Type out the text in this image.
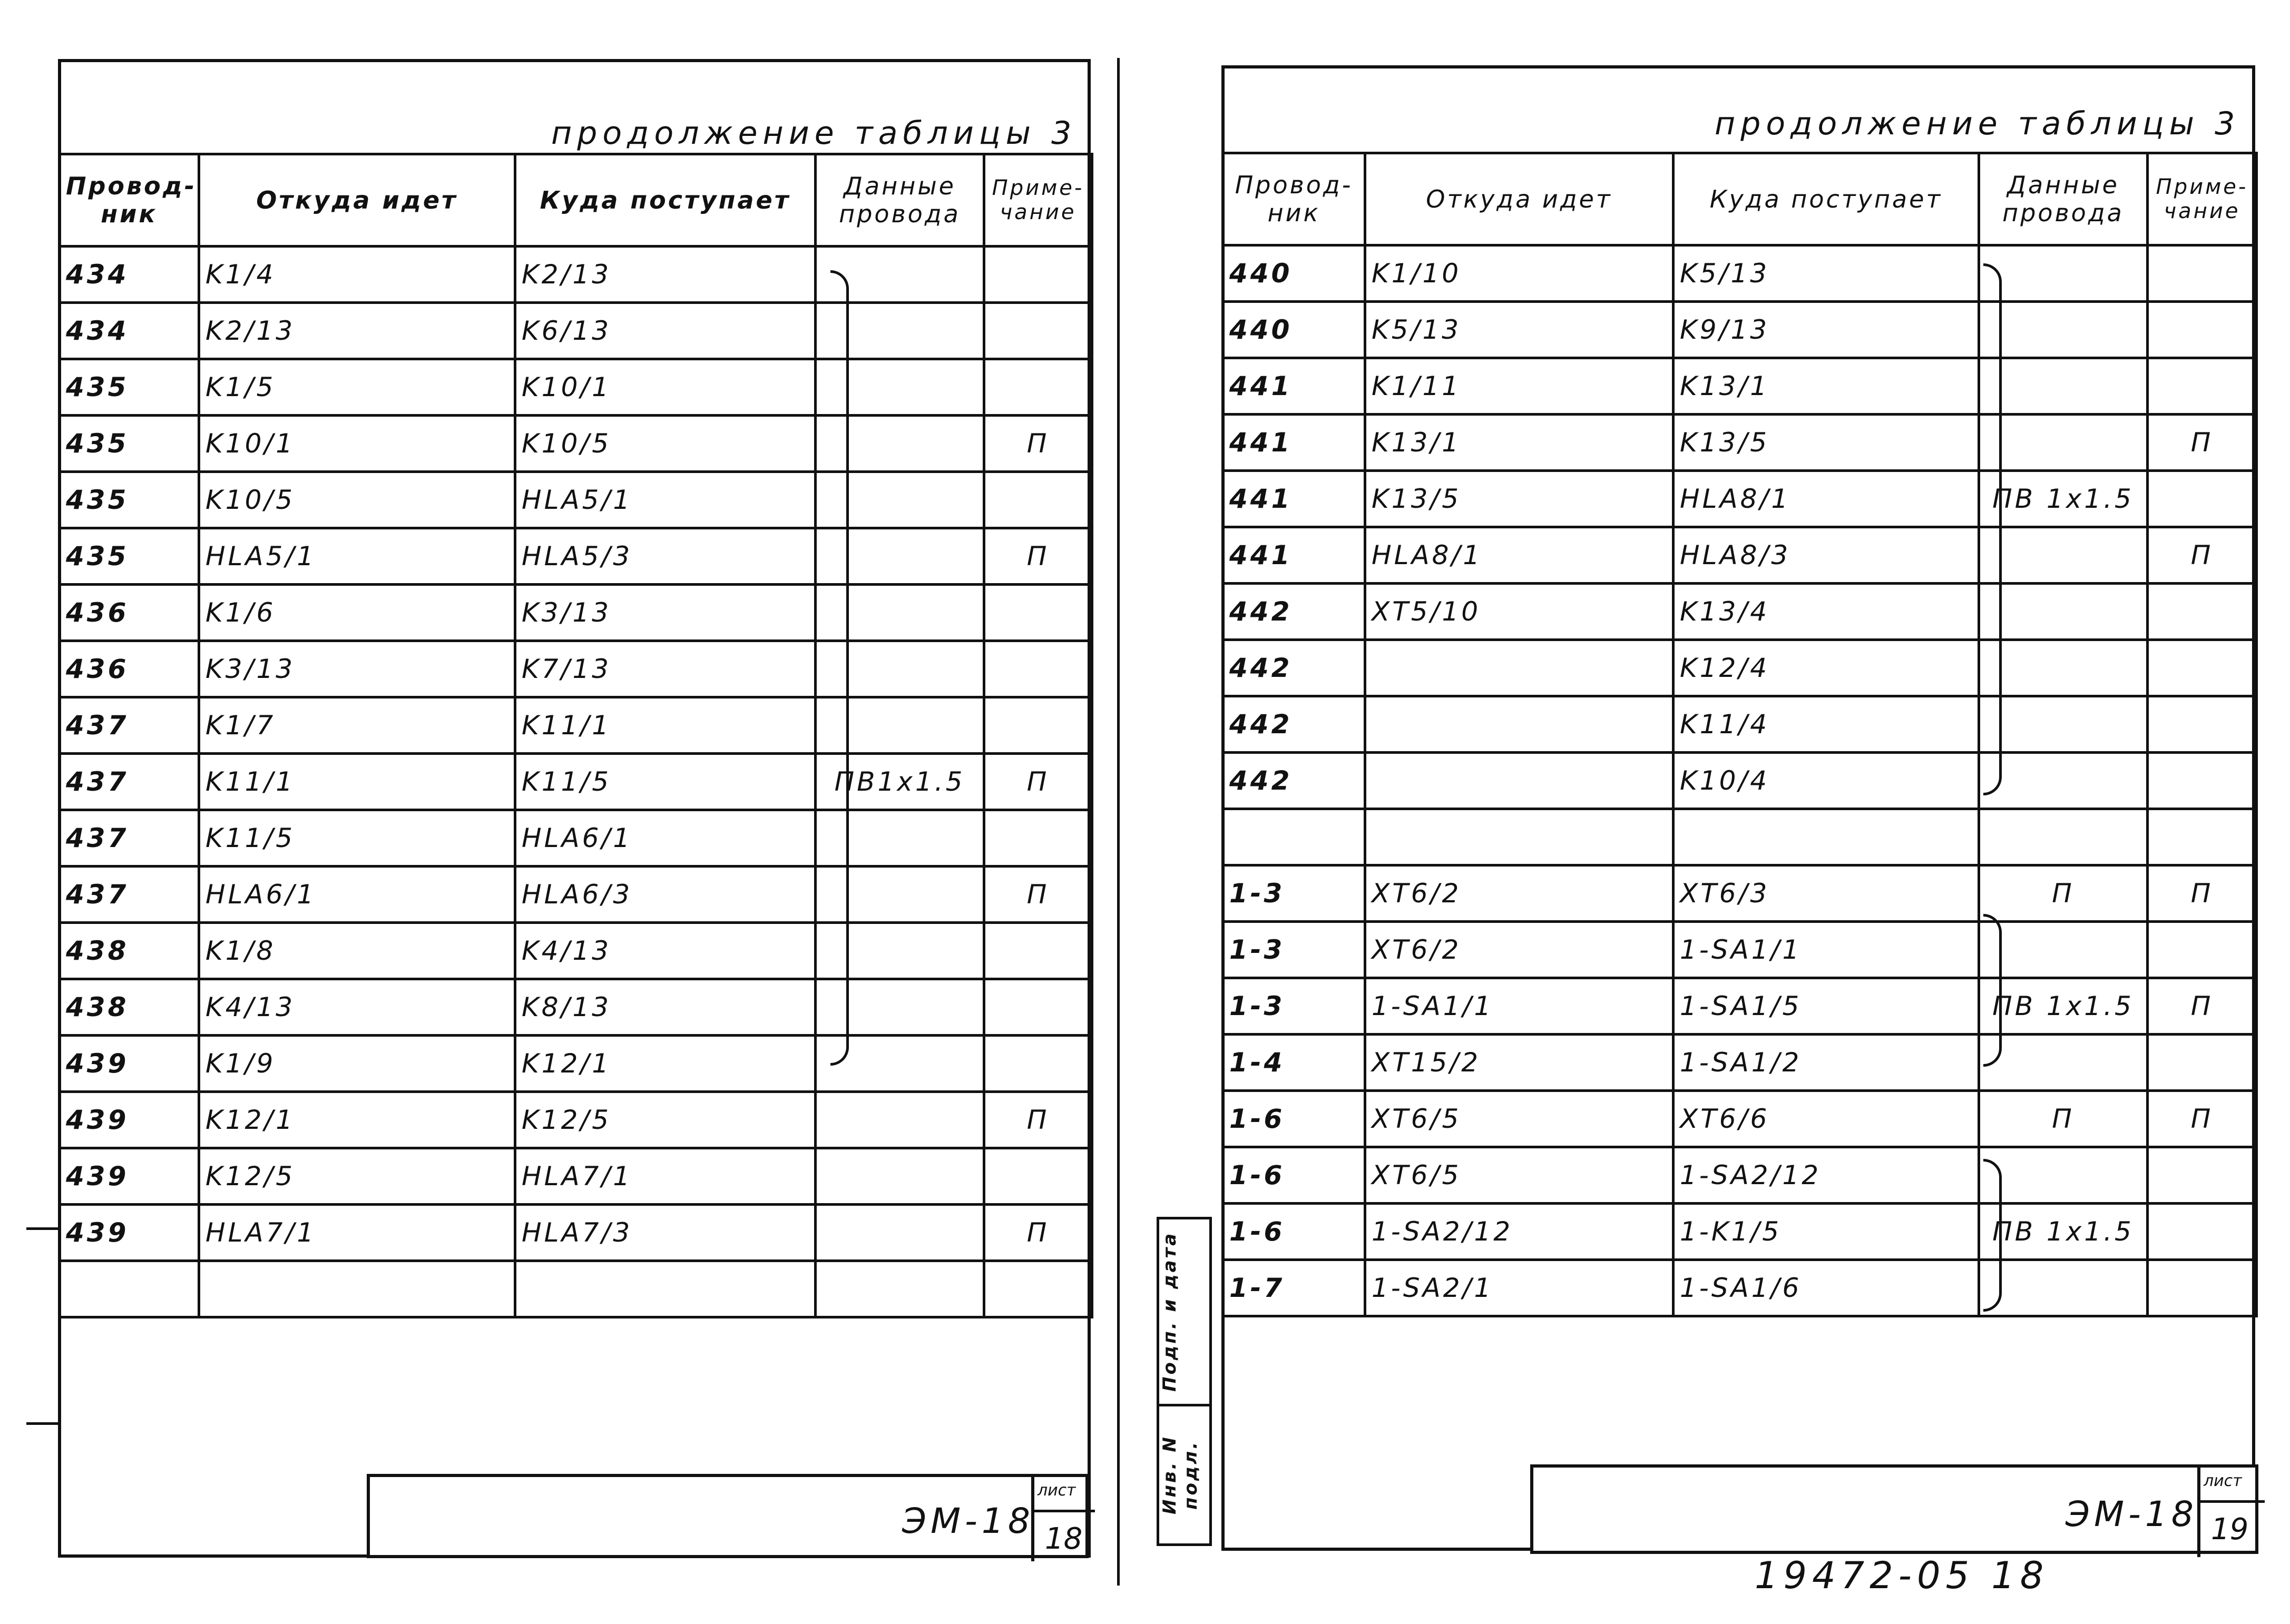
продолжение таблицы 3
Провод-ник	Откуда идет	Куда поступает	Данные провода	Приме-чание
434	K1/4	K2/13		
434	K2/13	K6/13		
435	K1/5	K10/1		
435	K10/1	K10/5		П
435	K10/5	HLA5/1		
435	HLA5/1	HLA5/3		П
436	K1/6	K3/13		
436	K3/13	K7/13		
437	K1/7	K11/1		
437	K11/1	K11/5	ПВ1х1.5	П
437	K11/5	HLA6/1		
437	HLA6/1	HLA6/3		П
438	K1/8	K4/13		
438	K4/13	K8/13		
439	K1/9	K12/1		
439	K12/1	K12/5		П
439	K12/5	HLA7/1		
439	HLA7/1	HLA7/3		П

ЭМ-18
лист
18
Инв. N подл.
Подп. и дата
продолжение таблицы 3
Провод-ник	Откуда идет	Куда поступает	Данные провода	Приме-чание
440	K1/10	K5/13		
440	K5/13	K9/13		
441	K1/11	K13/1		
441	K13/1	K13/5		П
441	K13/5	HLA8/1	ПВ 1х1.5	
441	HLA8/1	HLA8/3		П
442	XT5/10	K13/4		
442		K12/4		
442		K11/4		
442		K10/4		

1-3	XT6/2	XT6/3	П	П
1-3	XT6/2	1-SA1/1		
1-3	1-SA1/1	1-SA1/5	ПВ 1х1.5	П
1-4	XT15/2	1-SA1/2		
1-6	XT6/5	XT6/6	П	П
1-6	XT6/5	1-SA2/12		
1-6	1-SA2/12	1-K1/5	ПВ 1х1.5	
1-7	1-SA2/1	1-SA1/6		
ЭМ-18
лист
19
19472-05 18
